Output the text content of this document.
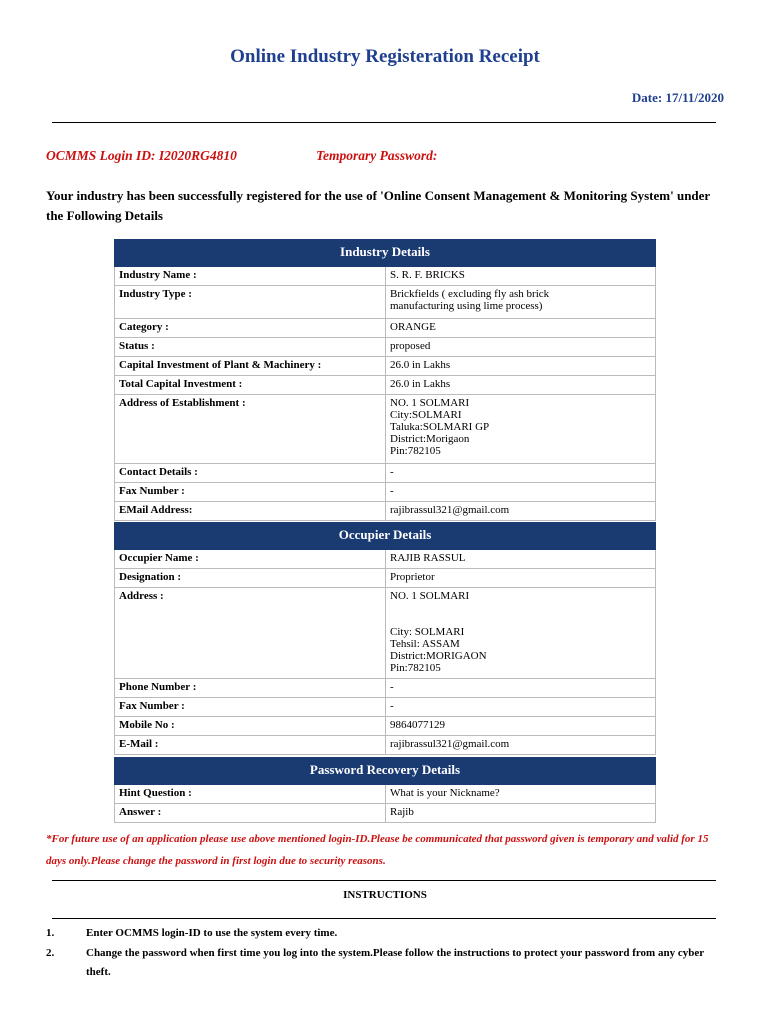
Online Industry Registeration Receipt
Date: 17/11/2020
OCMMS Login ID: I2020RG4810	Temporary Password:
Your industry has been successfully registered for the use of 'Online Consent Management & Monitoring System' under the Following Details
Industry Details	
Industry Name :	S. R. F. BRICKS
Industry Type :	Brickfields ( excluding fly ash brick
manufacturing using lime process)
Category :	ORANGE
Status :	proposed
Capital Investment of Plant & Machinery :	26.0 in Lakhs
Total Capital Investment :	26.0 in Lakhs
Address of Establishment :	NO. 1 SOLMARI
City:SOLMARI
Taluka:SOLMARI GP
District:Morigaon
Pin:782105
Contact Details :	-
Fax Number :	-
EMail Address:	rajibrassul321@gmail.com
Occupier Details	
Occupier Name :	RAJIB RASSUL
Designation :	Proprietor
Address :	NO. 1 SOLMARI

City: SOLMARI
Tehsil: ASSAM
District:MORIGAON
Pin:782105
Phone Number :	-
Fax Number :	-
Mobile No :	9864077129
E-Mail :	rajibrassul321@gmail.com
Password Recovery Details	
Hint Question :	What is your Nickname?
Answer :	Rajib
*For future use of an application please use above mentioned login-ID.Please be communicated that password given is temporary and valid for 15 days only.Please change the password in first login due to security reasons.
INSTRUCTIONS
1.	Enter OCMMS login-ID to use the system every time.
2.	Change the password when first time you log into the system.Please follow the instructions to protect your password from any cyber theft.
